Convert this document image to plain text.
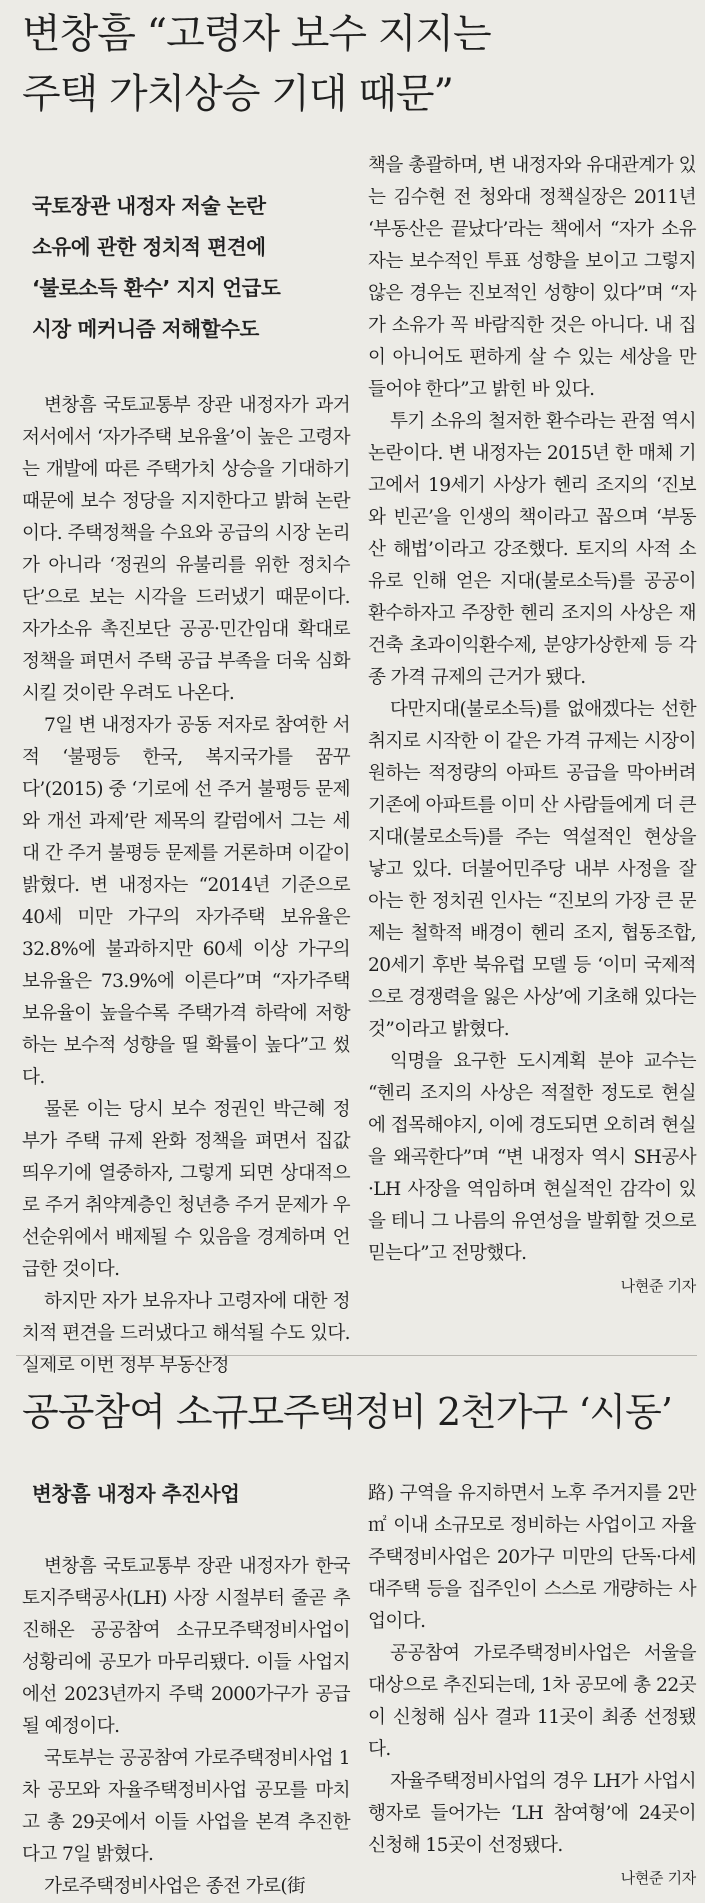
변창흠 “고령자 보수 지지는
주택 가치상승 기대 때문”
국토장관 내정자 저술 논란
소유에 관한 정치적 편견에
‘불로소득 환수’ 지지 언급도
시장 메커니즘 저해할수도

변창흠 국토교통부 장관 내정자가 과거 저서에서 ‘자가주택 보유율’이 높은 고령자는 개발에 따른 주택가치 상승을 기대하기 때문에 보수 정당을 지지한다고 밝혀 논란이다. 주택정책을 수요와 공급의 시장 논리가 아니라 ‘정권의 유불리를 위한 정치수단’으로 보는 시각을 드러냈기 때문이다. 자가소유 촉진보단 공공·민간임대 확대로 정책을 펴면서 주택 공급 부족을 더욱 심화시킬 것이란 우려도 나온다.

7일 변 내정자가 공동 저자로 참여한 서적 ‘불평등 한국, 복지국가를 꿈꾸다’(2015) 중 ‘기로에 선 주거 불평등 문제와 개선 과제’란 제목의 칼럼에서 그는 세대 간 주거 불평등 문제를 거론하며 이같이 밝혔다. 변 내정자는 “2014년 기준으로 40세 미만 가구의 자가주택 보유율은 32.8%에 불과하지만 60세 이상 가구의 보유율은 73.9%에 이른다”며 “자가주택 보유율이 높을수록 주택가격 하락에 저항하는 보수적 성향을 띨 확률이 높다”고 썼다.

물론 이는 당시 보수 정권인 박근혜 정부가 주택 규제 완화 정책을 펴면서 집값 띄우기에 열중하자, 그렇게 되면 상대적으로 주거 취약계층인 청년층 주거 문제가 우선순위에서 배제될 수 있음을 경계하며 언급한 것이다.

하지만 자가 보유자나 고령자에 대한 정치적 편견을 드러냈다고 해석될 수도 있다. 실제로 이번 정부 부동산정

책을 총괄하며, 변 내정자와 유대관계가 있는 김수현 전 청와대 정책실장은 2011년 ‘부동산은 끝났다’라는 책에서 “자가 소유자는 보수적인 투표 성향을 보이고 그렇지 않은 경우는 진보적인 성향이 있다”며 “자가 소유가 꼭 바람직한 것은 아니다. 내 집이 아니어도 편하게 살 수 있는 세상을 만들어야 한다”고 밝힌 바 있다.

투기 소유의 철저한 환수라는 관점 역시 논란이다. 변 내정자는 2015년 한 매체 기고에서 19세기 사상가 헨리 조지의 ‘진보와 빈곤’을 인생의 책이라고 꼽으며 ‘부동산 해법’이라고 강조했다. 토지의 사적 소유로 인해 얻은 지대(불로소득)를 공공이 환수하자고 주장한 헨리 조지의 사상은 재건축 초과이익환수제, 분양가상한제 등 각종 가격 규제의 근거가 됐다.

다만지대(불로소득)를 없애겠다는 선한 취지로 시작한 이 같은 가격 규제는 시장이 원하는 적정량의 아파트 공급을 막아버려 기존에 아파트를 이미 산 사람들에게 더 큰 지대(불로소득)를 주는 역설적인 현상을 낳고 있다. 더불어민주당 내부 사정을 잘 아는 한 정치권 인사는 “진보의 가장 큰 문제는 철학적 배경이 헨리 조지, 협동조합, 20세기 후반 북유럽 모델 등 ‘이미 국제적으로 경쟁력을 잃은 사상’에 기초해 있다는 것”이라고 밝혔다.

익명을 요구한 도시계획 분야 교수는 “헨리 조지의 사상은 적절한 정도로 현실에 접목해야지, 이에 경도되면 오히려 현실을 왜곡한다”며 “변 내정자 역시 SH공사·LH 사장을 역임하며 현실적인 감각이 있을 테니 그 나름의 유연성을 발휘할 것으로 믿는다”고 전망했다.

나현준 기자
공공참여 소규모주택정비 2천가구 ‘시동’
변창흠 내정자 추진사업

변창흠 국토교통부 장관 내정자가 한국토지주택공사(LH) 사장 시절부터 줄곧 추진해온 공공참여 소규모주택정비사업이 성황리에 공모가 마무리됐다. 이들 사업지에선 2023년까지 주택 2000가구가 공급될 예정이다.

국토부는 공공참여 가로주택정비사업 1차 공모와 자율주택정비사업 공모를 마치고 총 29곳에서 이들 사업을 본격 추진한다고 7일 밝혔다.

가로주택정비사업은 종전 가로(街

路) 구역을 유지하면서 노후 주거지를 2만㎡ 이내 소규모로 정비하는 사업이고 자율주택정비사업은 20가구 미만의 단독·다세대주택 등을 집주인이 스스로 개량하는 사업이다.

공공참여 가로주택정비사업은 서울을 대상으로 추진되는데, 1차 공모에 총 22곳이 신청해 심사 결과 11곳이 최종 선정됐다.

자율주택정비사업의 경우 LH가 사업시행자로 들어가는 ‘LH 참여형’에 24곳이 신청해 15곳이 선정됐다.

나현준 기자
